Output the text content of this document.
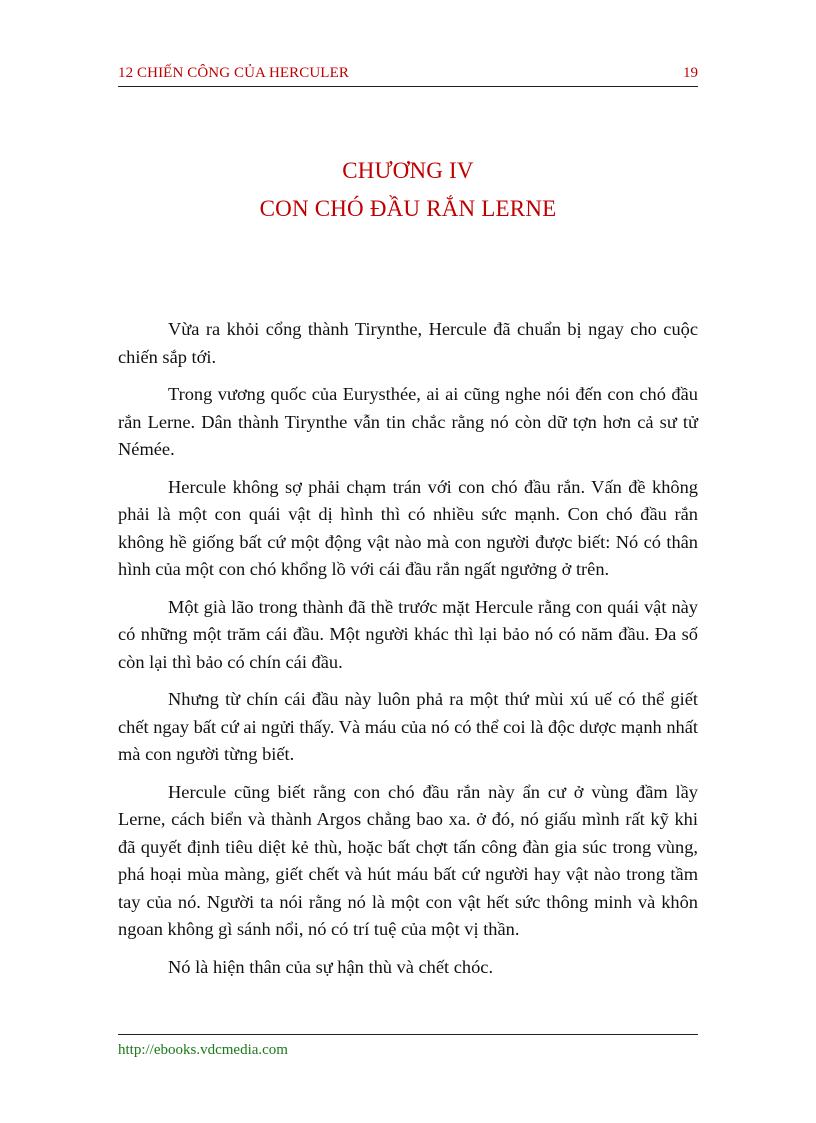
12 CHIẾN CÔNG CỦA HERCULER	19
CHƯƠNG IV
CON CHÓ ĐẦU RẮN LERNE

Vừa ra khỏi cổng thành Tirynthe, Hercule đã chuẩn bị ngay cho cuộc chiến sắp tới.

Trong vương quốc của Eurysthée, ai ai cũng nghe nói đến con chó đầu rắn Lerne. Dân thành Tirynthe vẫn tin chắc rằng nó còn dữ tợn hơn cả sư tử Némée.

Hercule không sợ phải chạm trán với con chó đầu rắn. Vấn đề không phải là một con quái vật dị hình thì có nhiều sức mạnh. Con chó đầu rắn không hề giống bất cứ một động vật nào mà con người được biết: Nó có thân hình của một con chó khổng lồ với cái đầu rắn ngất ngưởng ở trên.

Một già lão trong thành đã thề trước mặt Hercule rằng con quái vật này có những một trăm cái đầu. Một người khác thì lại bảo nó có năm đầu. Đa số còn lại thì bảo có chín cái đầu.

Nhưng từ chín cái đầu này luôn phả ra một thứ mùi xú uế có thể giết chết ngay bất cứ ai ngửi thấy. Và máu của nó có thể coi là độc dược mạnh nhất mà con người từng biết.

Hercule cũng biết rằng con chó đầu rắn này ẩn cư ở vùng đầm lầy Lerne, cách biển và thành Argos chẳng bao xa. ở đó, nó giấu mình rất kỹ khi đã quyết định tiêu diệt kẻ thù, hoặc bất chợt tấn công đàn gia súc trong vùng, phá hoại mùa màng, giết chết và hút máu bất cứ người hay vật nào trong tầm tay của nó. Người ta nói rằng nó là một con vật hết sức thông minh và khôn ngoan không gì sánh nổi, nó có trí tuệ của một vị thần.

Nó là hiện thân của sự hận thù và chết chóc.

http://ebooks.vdcmedia.com
